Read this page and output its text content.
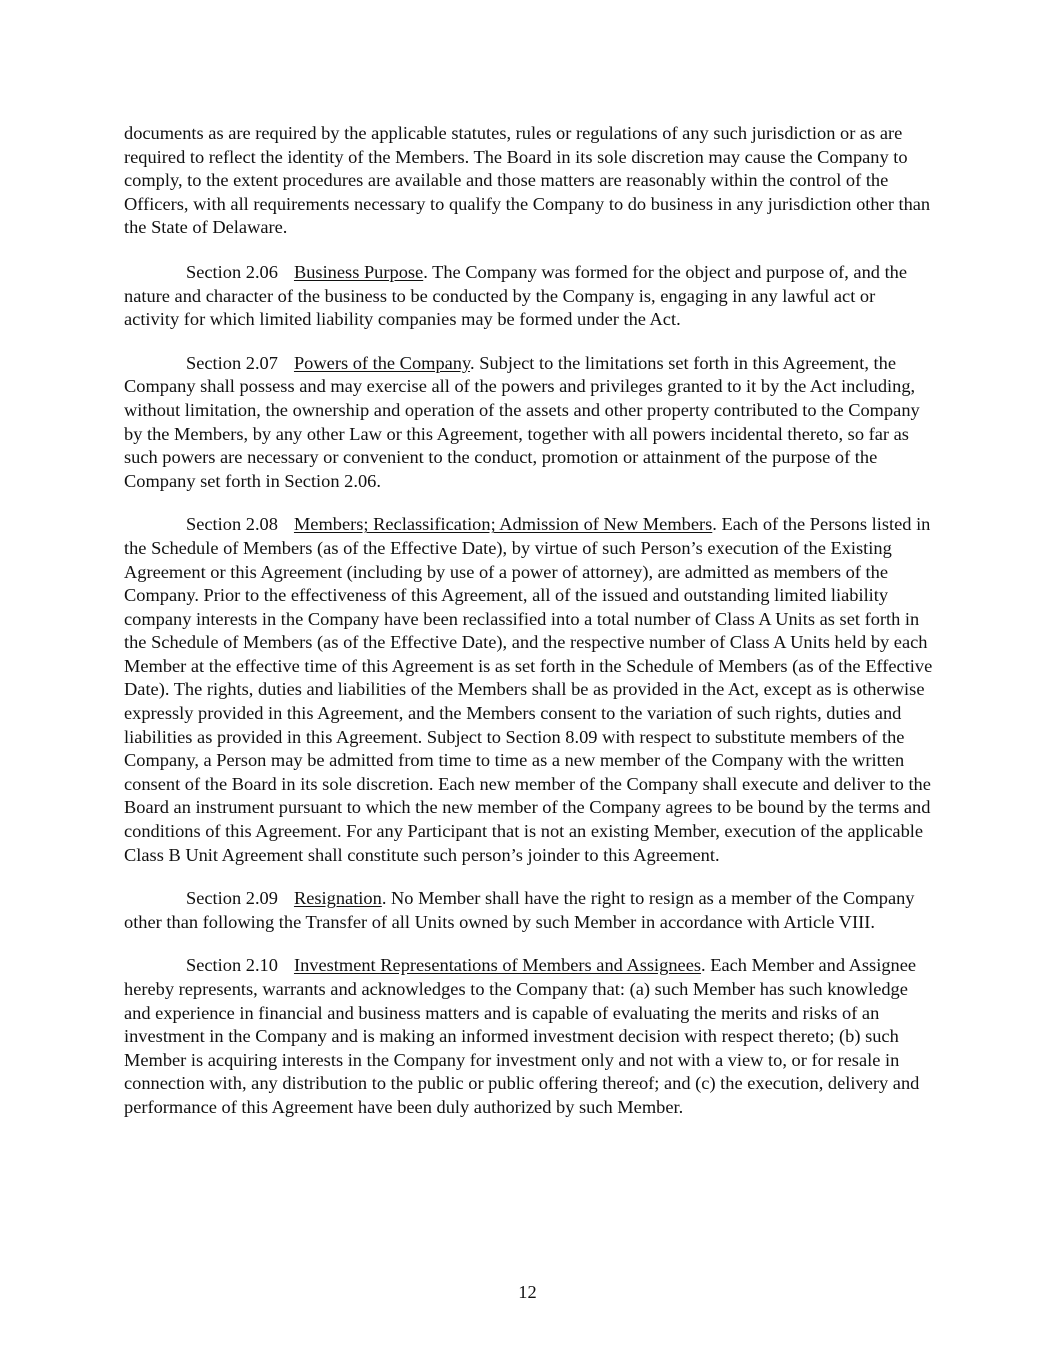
documents as are required by the applicable statutes, rules or regulations of any such jurisdiction or as are required to reflect the identity of the Members. The Board in its sole discretion may cause the Company to comply, to the extent procedures are available and those matters are reasonably within the control of the Officers, with all requirements necessary to qualify the Company to do business in any jurisdiction other than the State of Delaware.

Section 2.06 Business Purpose. The Company was formed for the object and purpose of, and the nature and character of the business to be conducted by the Company is, engaging in any lawful act or activity for which limited liability companies may be formed under the Act.

Section 2.07 Powers of the Company. Subject to the limitations set forth in this Agreement, the Company shall possess and may exercise all of the powers and privileges granted to it by the Act including, without limitation, the ownership and operation of the assets and other property contributed to the Company by the Members, by any other Law or this Agreement, together with all powers incidental thereto, so far as such powers are necessary or convenient to the conduct, promotion or attainment of the purpose of the Company set forth in Section 2.06.

Section 2.08 Members; Reclassification; Admission of New Members. Each of the Persons listed in the Schedule of Members (as of the Effective Date), by virtue of such Person’s execution of the Existing Agreement or this Agreement (including by use of a power of attorney), are admitted as members of the Company. Prior to the effectiveness of this Agreement, all of the issued and outstanding limited liability company interests in the Company have been reclassified into a total number of Class A Units as set forth in the Schedule of Members (as of the Effective Date), and the respective number of Class A Units held by each Member at the effective time of this Agreement is as set forth in the Schedule of Members (as of the Effective Date). The rights, duties and liabilities of the Members shall be as provided in the Act, except as is otherwise expressly provided in this Agreement, and the Members consent to the variation of such rights, duties and liabilities as provided in this Agreement. Subject to Section 8.09 with respect to substitute members of the Company, a Person may be admitted from time to time as a new member of the Company with the written consent of the Board in its sole discretion. Each new member of the Company shall execute and deliver to the Board an instrument pursuant to which the new member of the Company agrees to be bound by the terms and conditions of this Agreement. For any Participant that is not an existing Member, execution of the applicable Class B Unit Agreement shall constitute such person’s joinder to this Agreement.

Section 2.09 Resignation. No Member shall have the right to resign as a member of the Company other than following the Transfer of all Units owned by such Member in accordance with Article VIII.

Section 2.10 Investment Representations of Members and Assignees. Each Member and Assignee hereby represents, warrants and acknowledges to the Company that: (a) such Member has such knowledge and experience in financial and business matters and is capable of evaluating the merits and risks of an investment in the Company and is making an informed investment decision with respect thereto; (b) such Member is acquiring interests in the Company for investment only and not with a view to, or for resale in connection with, any distribution to the public or public offering thereof; and (c) the execution, delivery and performance of this Agreement have been duly authorized by such Member.

12
